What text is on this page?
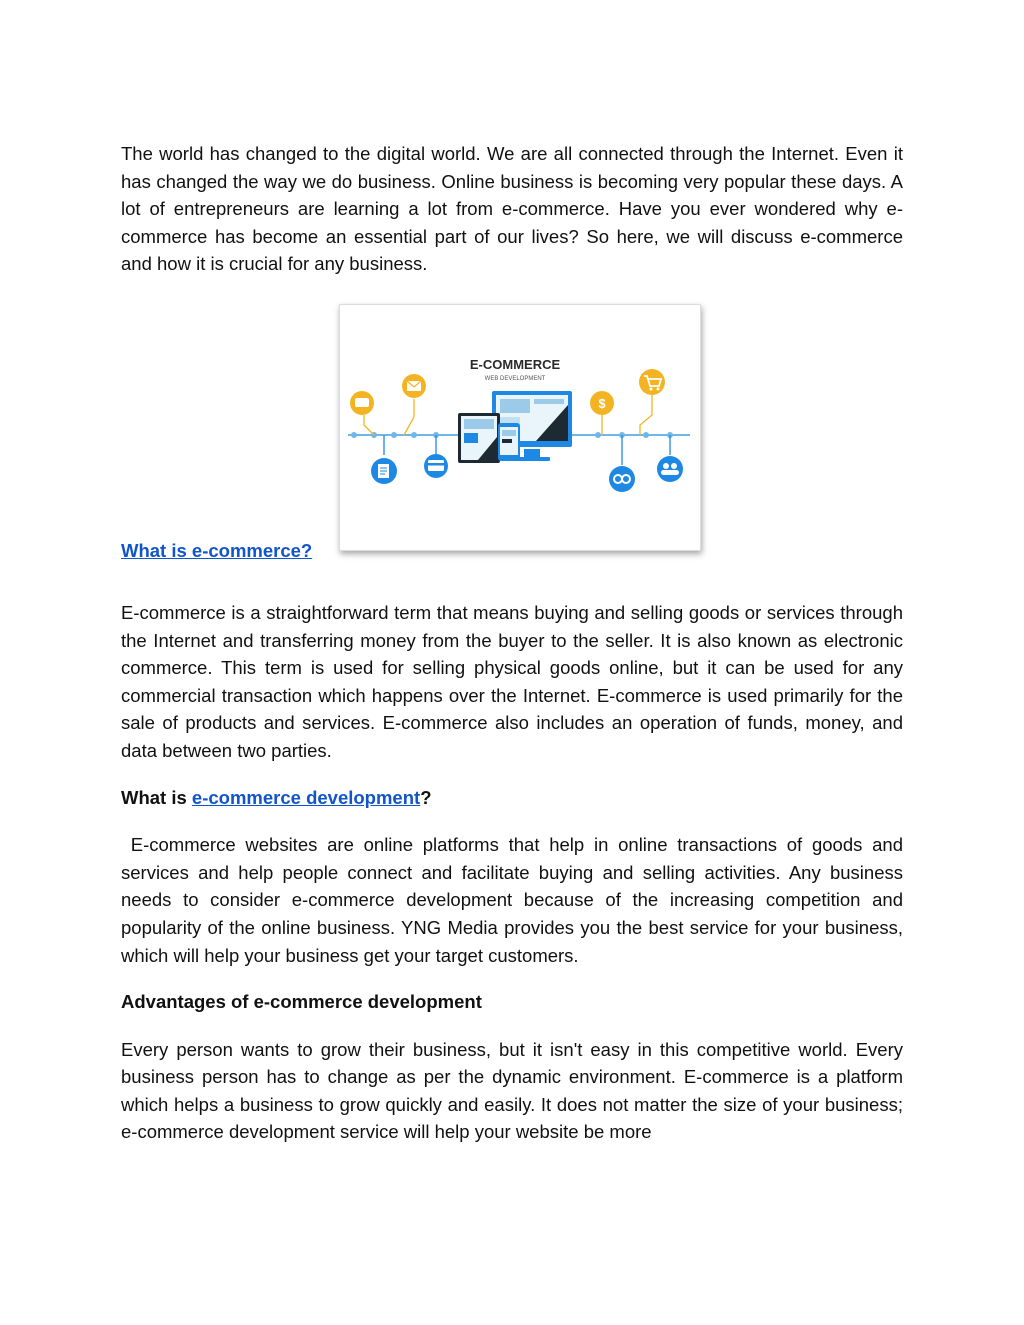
The world has changed to the digital world. We are all connected through the Internet. Even it has changed the way we do business. Online business is becoming very popular these days. A lot of entrepreneurs are learning a lot from e-commerce. Have you ever wondered why e-commerce has become an essential part of our lives? So here, we will discuss e-commerce and how it is crucial for any business.

E-COMMERCE
WEB DEVELOPMENT
$

What is e-commerce?

E-commerce is a straightforward term that means buying and selling goods or services through the Internet and transferring money from the buyer to the seller. It is also known as electronic commerce. This term is used for selling physical goods online, but it can be used for any commercial transaction which happens over the Internet. E-commerce is used primarily for the sale of products and services. E-commerce also includes an operation of funds, money, and data between two parties.

What is e-commerce development?

E-commerce websites are online platforms that help in online transactions of goods and services and help people connect and facilitate buying and selling activities. Any business needs to consider e-commerce development because of the increasing competition and popularity of the online business. YNG Media provides you the best service for your business, which will help your business get your target customers.

Advantages of e-commerce development

Every person wants to grow their business, but it isn't easy in this competitive world. Every business person has to change as per the dynamic environment. E-commerce is a platform which helps a business to grow quickly and easily. It does not matter the size of your business; e-commerce development service will help your website be more
